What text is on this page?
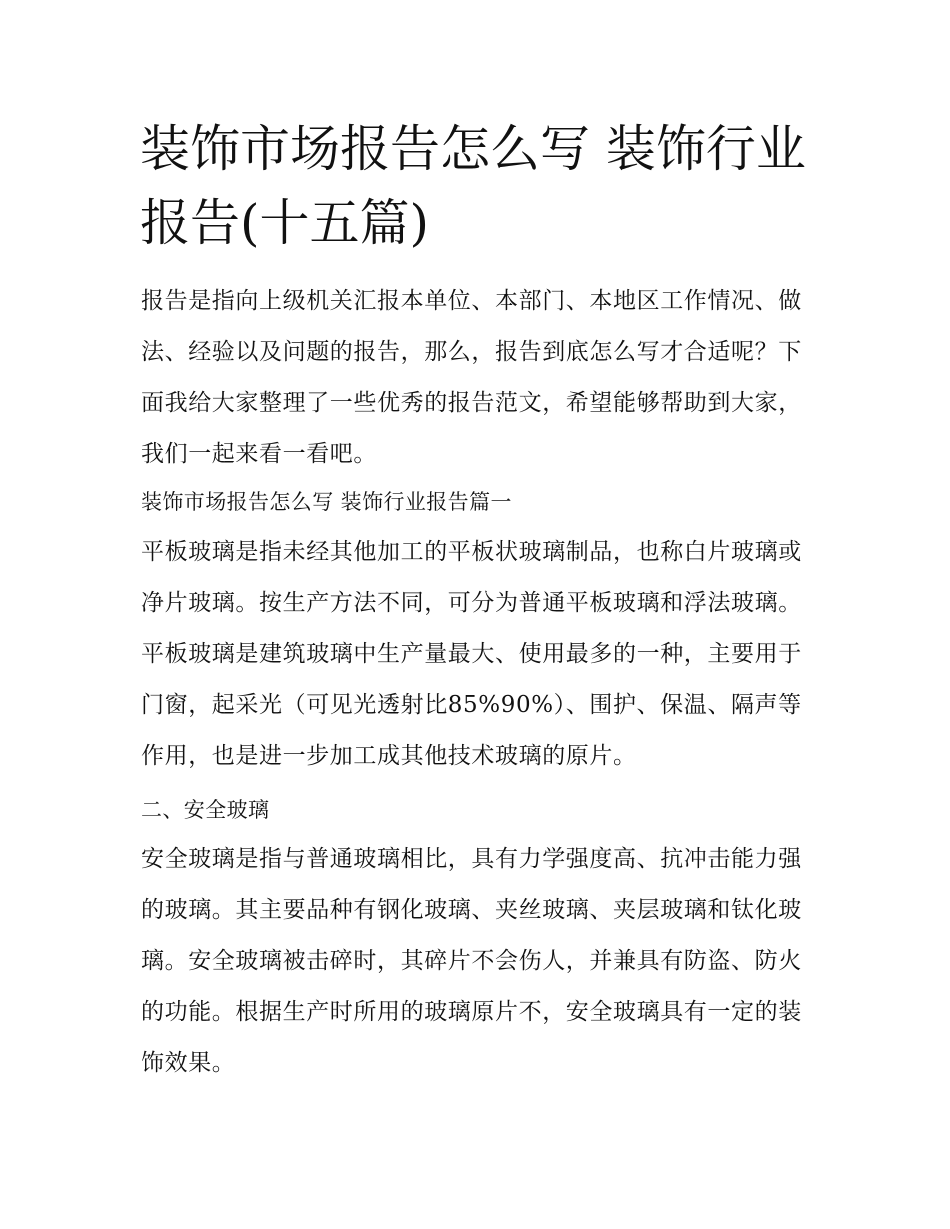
装饰市场报告怎么写 装饰行业报告(十五篇)

报告是指向上级机关汇报本单位、本部门、本地区工作情况、做法、经验以及问题的报告，那么，报告到底怎么写才合适呢？下面我给大家整理了一些优秀的报告范文，希望能够帮助到大家，我们一起来看一看吧。

装饰市场报告怎么写 装饰行业报告篇一

平板玻璃是指未经其他加工的平板状玻璃制品，也称白片玻璃或净片玻璃。按生产方法不同，可分为普通平板玻璃和浮法玻璃。平板玻璃是建筑玻璃中生产量最大、使用最多的一种，主要用于门窗，起采光（可见光透射比85%90%）、围护、保温、隔声等作用，也是进一步加工成其他技术玻璃的原片。

二、安全玻璃

安全玻璃是指与普通玻璃相比，具有力学强度高、抗冲击能力强的玻璃。其主要品种有钢化玻璃、夹丝玻璃、夹层玻璃和钛化玻璃。安全玻璃被击碎时，其碎片不会伤人，并兼具有防盗、防火的功能。根据生产时所用的玻璃原片不，安全玻璃具有一定的装饰效果。
